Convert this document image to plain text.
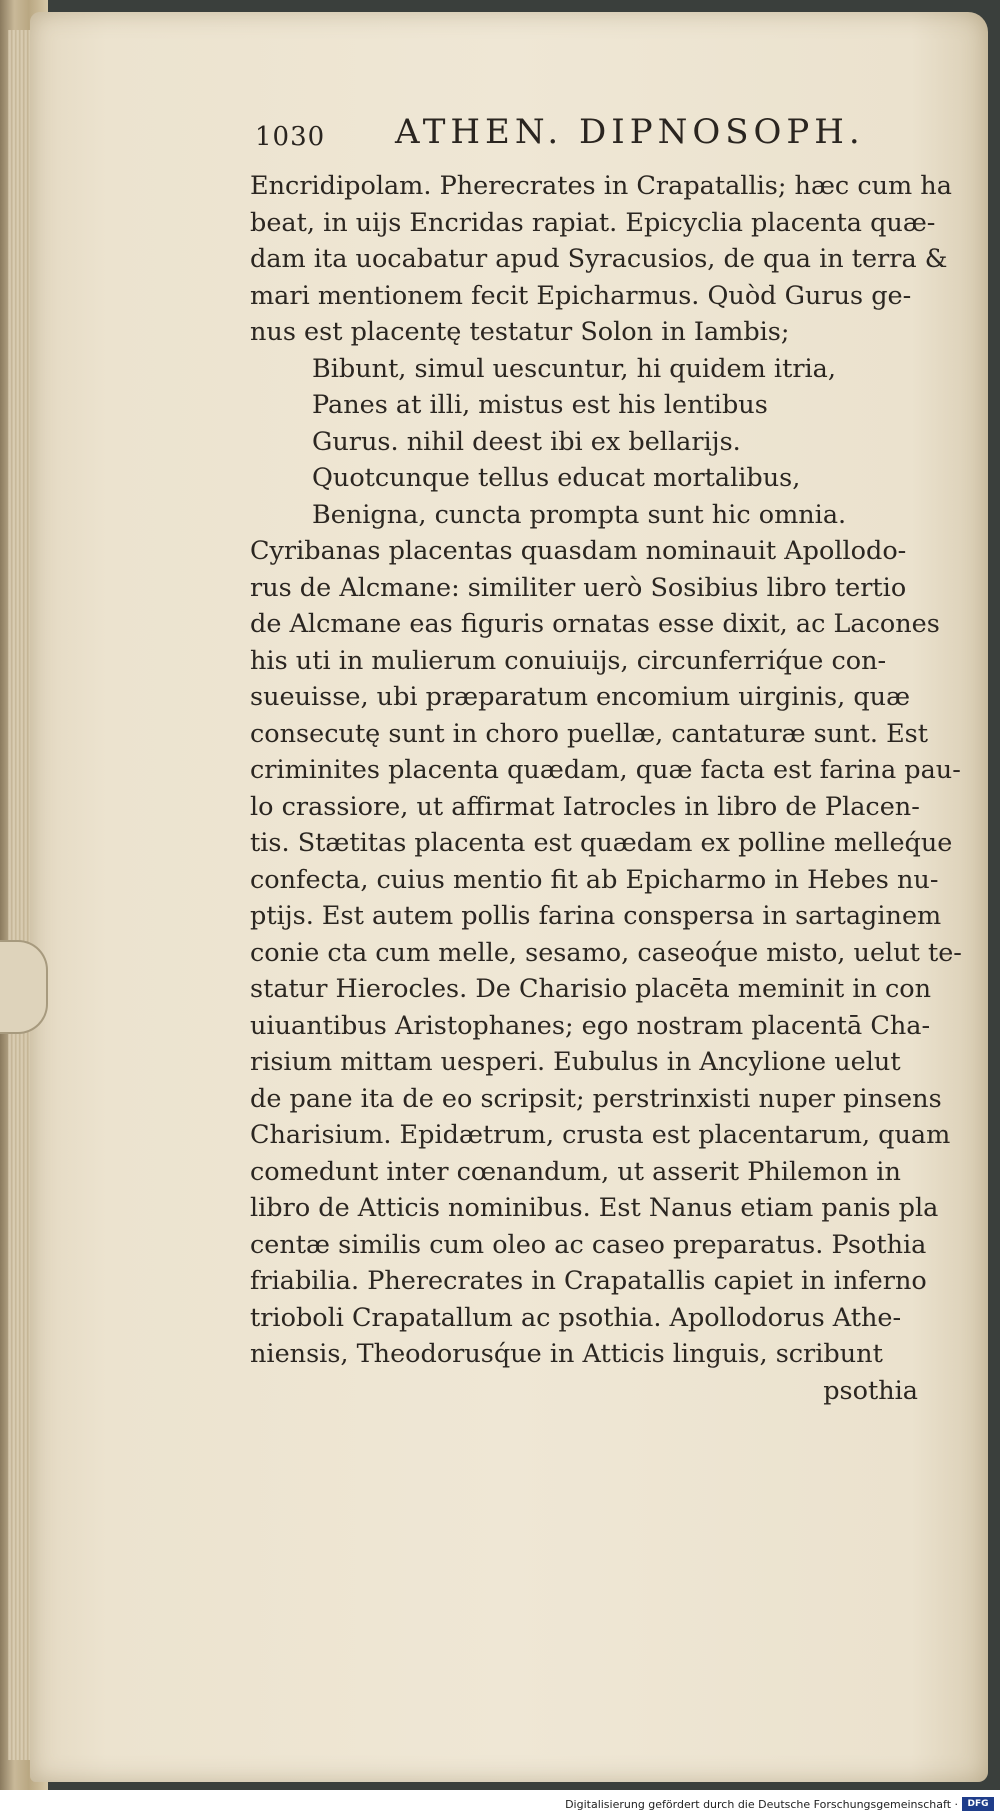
1030 ATHEN. DIPNOSOPH.
Encridipolam. Pherecrates in Crapatallis; hæc cum ha
beat, in uijs Encridas rapiat. Epicyclia placenta quæ-
dam ita uocabatur apud Syracusios, de qua in terra &
mari mentionem fecit Epicharmus. Quòd Gurus ge-
nus est placentę testatur Solon in Iambis;
Bibunt, simul uescuntur, hi quidem itria,
Panes at illi, mistus est his lentibus
Gurus. nihil deest ibi ex bellarijs.
Quotcunque tellus educat mortalibus,
Benigna, cuncta prompta sunt hic omnia.
Cyribanas placentas quasdam nominauit Apollodo-
rus de Alcmane: similiter uerò Sosibius libro tertio
de Alcmane eas figuris ornatas esse dixit, ac Lacones
his uti in mulierum conuiuijs, circunferriq́ue con-
sueuisse, ubi præparatum encomium uirginis, quæ
consecutę sunt in choro puellæ, cantaturæ sunt. Est
criminites placenta quædam, quæ facta est farina pau-
lo crassiore, ut affirmat Iatrocles in libro de Placen-
tis. Stætitas placenta est quædam ex polline melleq́ue
confecta, cuius mentio fit ab Epicharmo in Hebes nu-
ptijs. Est autem pollis farina conspersa in sartaginem
conie cta cum melle, sesamo, caseoq́ue misto, uelut te-
statur Hierocles. De Charisio placēta meminit in con
uiuantibus Aristophanes; ego nostram placentā Cha-
risium mittam uesperi. Eubulus in Ancylione uelut
de pane ita de eo scripsit; perstrinxisti nuper pinsens
Charisium. Epidætrum, crusta est placentarum, quam
comedunt inter cœnandum, ut asserit Philemon in
libro de Atticis nominibus. Est Nanus etiam panis pla
centæ similis cum oleo ac caseo preparatus. Psothia
friabilia. Pherecrates in Crapatallis capiet in inferno
trioboli Crapatallum ac psothia. Apollodorus Athe-
niensis, Theodorusq́ue in Atticis linguis, scribunt
psothia
Digitalisierung gefördert durch die Deutsche Forschungsgemeinschaft ·	DFG
